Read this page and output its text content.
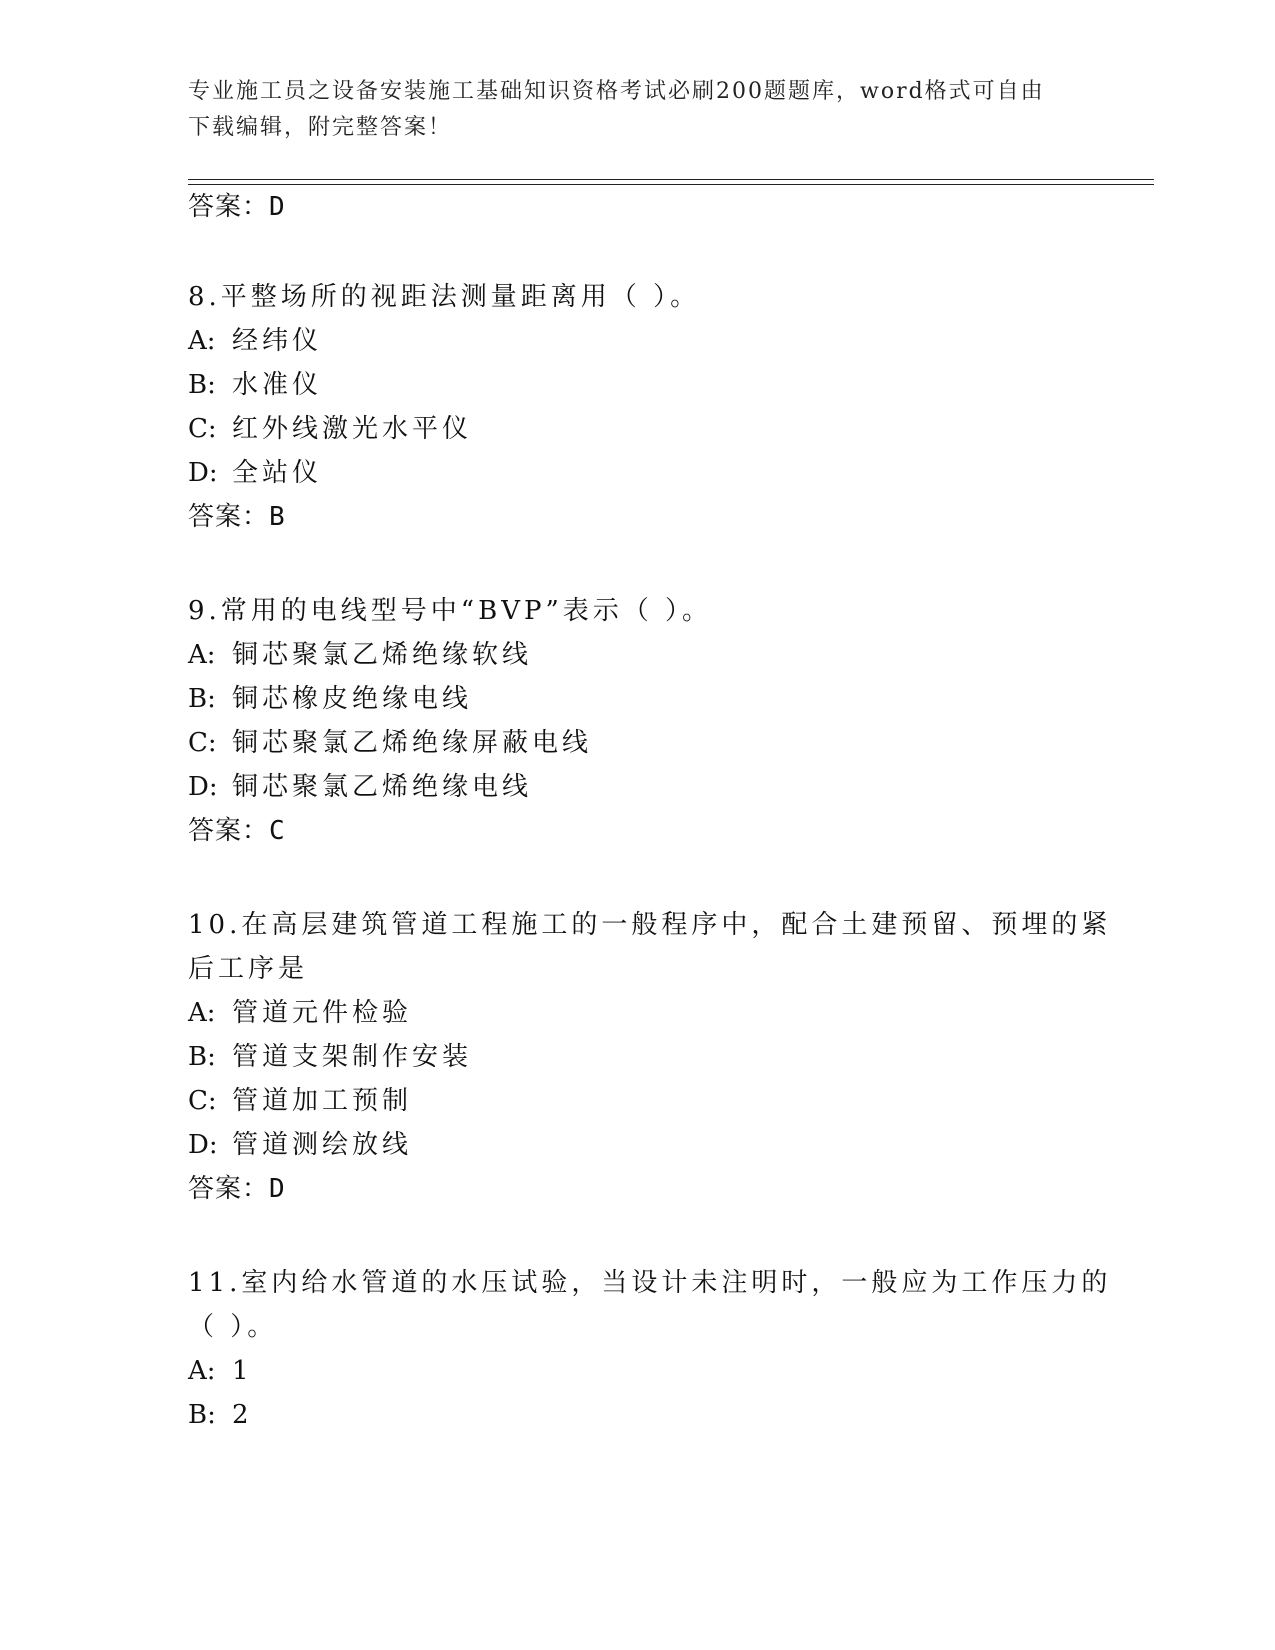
专业施工员之设备安装施工基础知识资格考试必刷200题题库，word格式可自由
下载编辑，附完整答案！
答案：D
8.平整场所的视距法测量距离用（ ）。
A: 经纬仪
B: 水准仪
C: 红外线激光水平仪
D: 全站仪
答案：B
9.常用的电线型号中“BVP”表示（ ）。
A: 铜芯聚氯乙烯绝缘软线
B: 铜芯橡皮绝缘电线
C: 铜芯聚氯乙烯绝缘屏蔽电线
D: 铜芯聚氯乙烯绝缘电线
答案：C
10.在高层建筑管道工程施工的一般程序中，配合土建预留、预埋的紧
后工序是
A: 管道元件检验
B: 管道支架制作安装
C: 管道加工预制
D: 管道测绘放线
答案：D
11.室内给水管道的水压试验，当设计未注明时，一般应为工作压力的
（ ）。
A: 1
B: 2
